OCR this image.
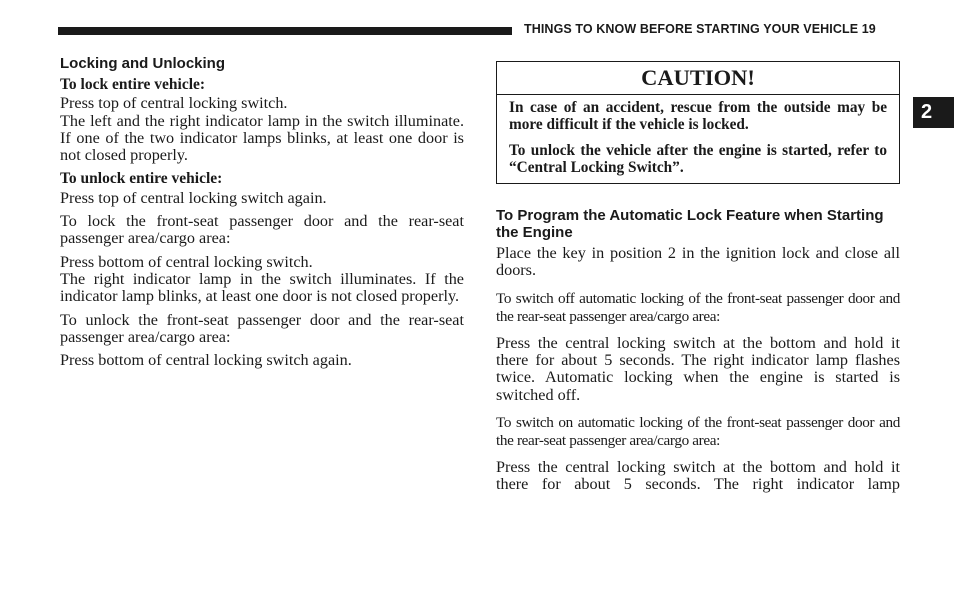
THINGS TO KNOW BEFORE STARTING YOUR VEHICLE 19
2
Locking and Unlocking
To lock entire vehicle:

Press top of central locking switch.

The left and the right indicator lamp in the switch illuminate. If one of the two indicator lamps blinks, at least one door is not closed properly.

To unlock entire vehicle:

Press top of central locking switch again.

To lock the front-seat passenger door and the rear-seat passenger area/cargo area:

Press bottom of central locking switch.

The right indicator lamp in the switch illuminates. If the indicator lamp blinks, at least one door is not closed properly.

To unlock the front-seat passenger door and the rear-seat passenger area/cargo area:

Press bottom of central locking switch again.

CAUTION!

In case of an accident, rescue from the outside may be more difficult if the vehicle is locked.

To unlock the vehicle after the engine is started, refer to “Central Locking Switch”.

To Program the Automatic Lock Feature when Starting the Engine

Place the key in position 2 in the ignition lock and close all doors.

To switch off automatic locking of the front-seat passenger door and the rear-seat passenger area/cargo area:

Press the central locking switch at the bottom and hold it there for about 5 seconds. The right indicator lamp flashes twice. Automatic locking when the engine is started is switched off.

To switch on automatic locking of the front-seat passenger door and the rear-seat passenger area/cargo area:

Press the central locking switch at the bottom and hold it there for about 5 seconds. The right indicator lamp
